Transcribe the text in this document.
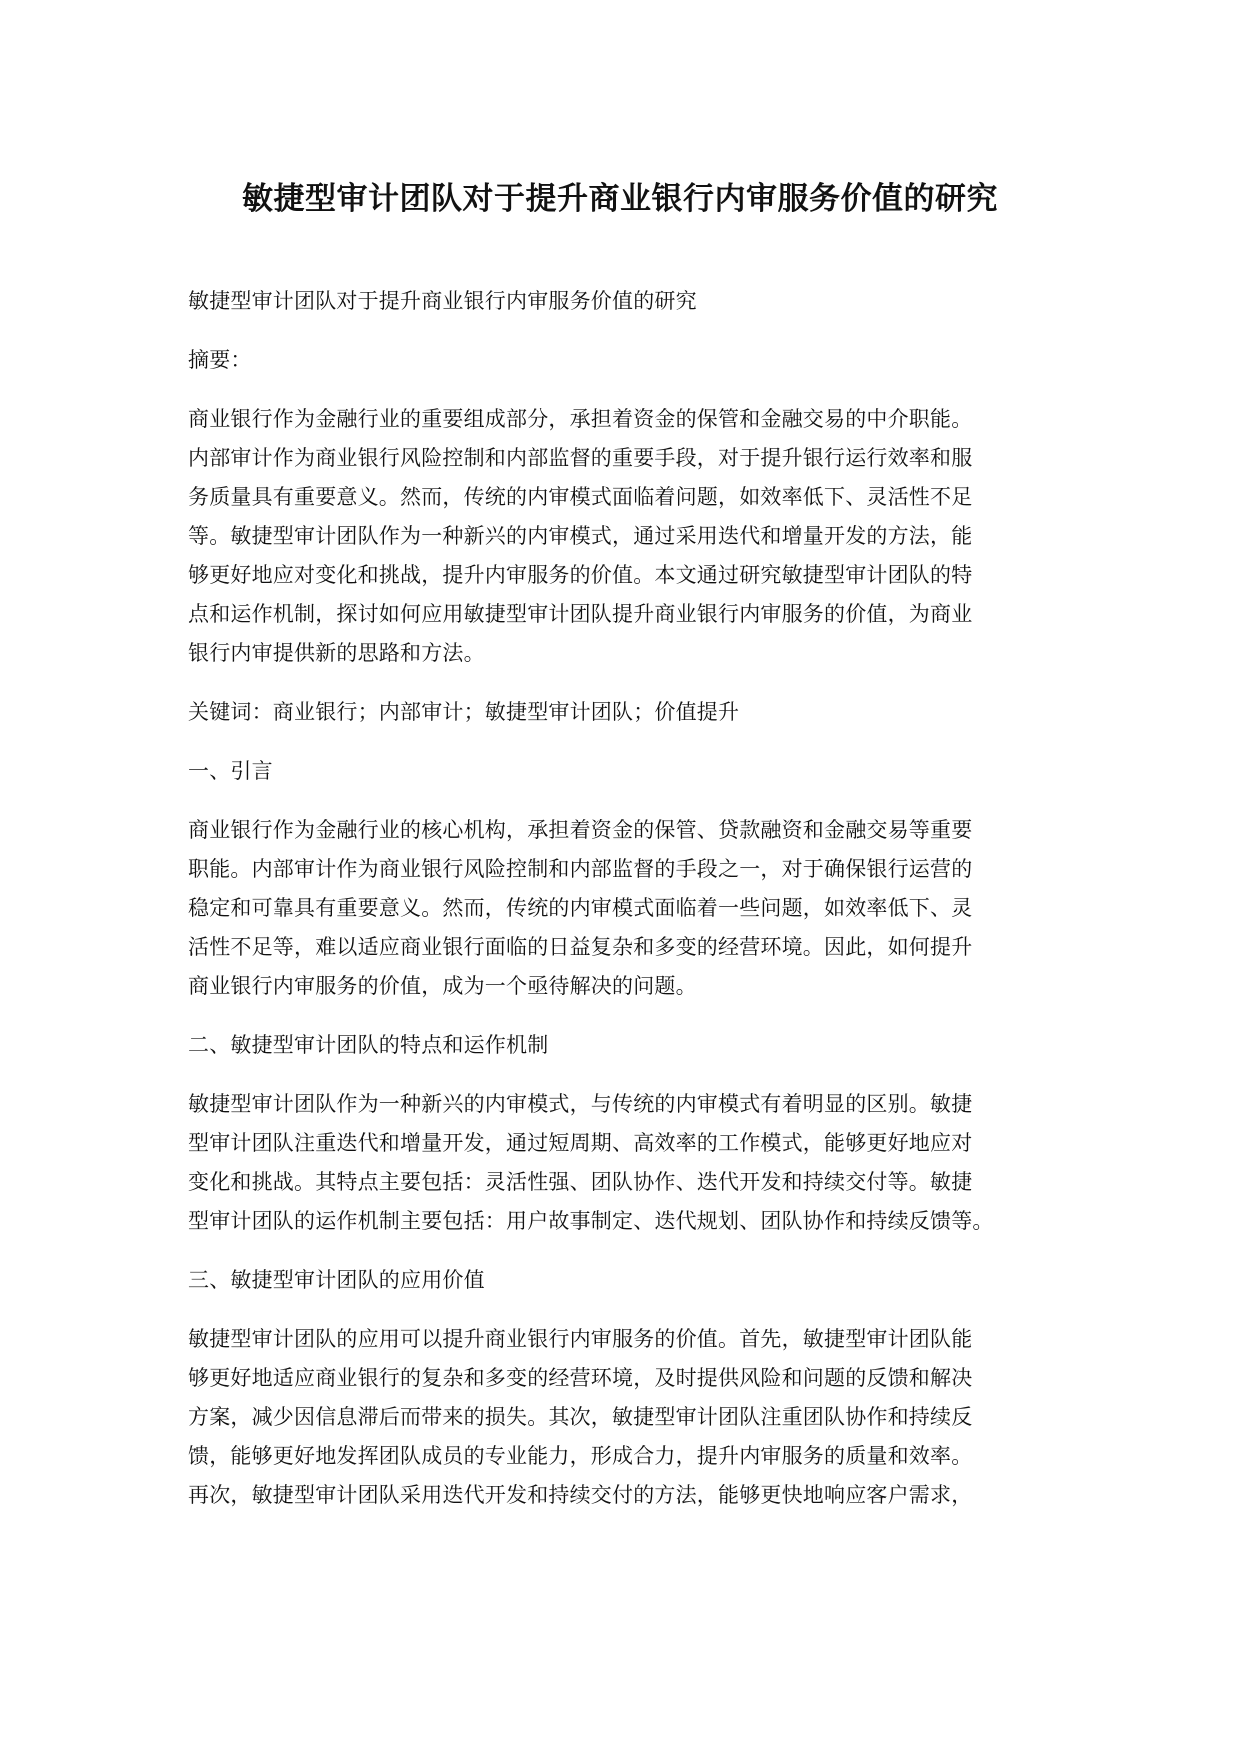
敏捷型审计团队对于提升商业银行内审服务价值的研究

敏捷型审计团队对于提升商业银行内审服务价值的研究

摘要：

商业银行作为金融行业的重要组成部分，承担着资金的保管和金融交易的中介职能。
内部审计作为商业银行风险控制和内部监督的重要手段，对于提升银行运行效率和服
务质量具有重要意义。然而，传统的内审模式面临着问题，如效率低下、灵活性不足
等。敏捷型审计团队作为一种新兴的内审模式，通过采用迭代和增量开发的方法，能
够更好地应对变化和挑战，提升内审服务的价值。本文通过研究敏捷型审计团队的特
点和运作机制，探讨如何应用敏捷型审计团队提升商业银行内审服务的价值，为商业
银行内审提供新的思路和方法。

关键词：商业银行；内部审计；敏捷型审计团队；价值提升

一、引言

商业银行作为金融行业的核心机构，承担着资金的保管、贷款融资和金融交易等重要
职能。内部审计作为商业银行风险控制和内部监督的手段之一，对于确保银行运营的
稳定和可靠具有重要意义。然而，传统的内审模式面临着一些问题，如效率低下、灵
活性不足等，难以适应商业银行面临的日益复杂和多变的经营环境。因此，如何提升
商业银行内审服务的价值，成为一个亟待解决的问题。

二、敏捷型审计团队的特点和运作机制

敏捷型审计团队作为一种新兴的内审模式，与传统的内审模式有着明显的区别。敏捷
型审计团队注重迭代和增量开发，通过短周期、高效率的工作模式，能够更好地应对
变化和挑战。其特点主要包括：灵活性强、团队协作、迭代开发和持续交付等。敏捷
型审计团队的运作机制主要包括：用户故事制定、迭代规划、团队协作和持续反馈等。

三、敏捷型审计团队的应用价值

敏捷型审计团队的应用可以提升商业银行内审服务的价值。首先，敏捷型审计团队能
够更好地适应商业银行的复杂和多变的经营环境，及时提供风险和问题的反馈和解决
方案，减少因信息滞后而带来的损失。其次，敏捷型审计团队注重团队协作和持续反
馈，能够更好地发挥团队成员的专业能力，形成合力，提升内审服务的质量和效率。
再次，敏捷型审计团队采用迭代开发和持续交付的方法，能够更快地响应客户需求，
